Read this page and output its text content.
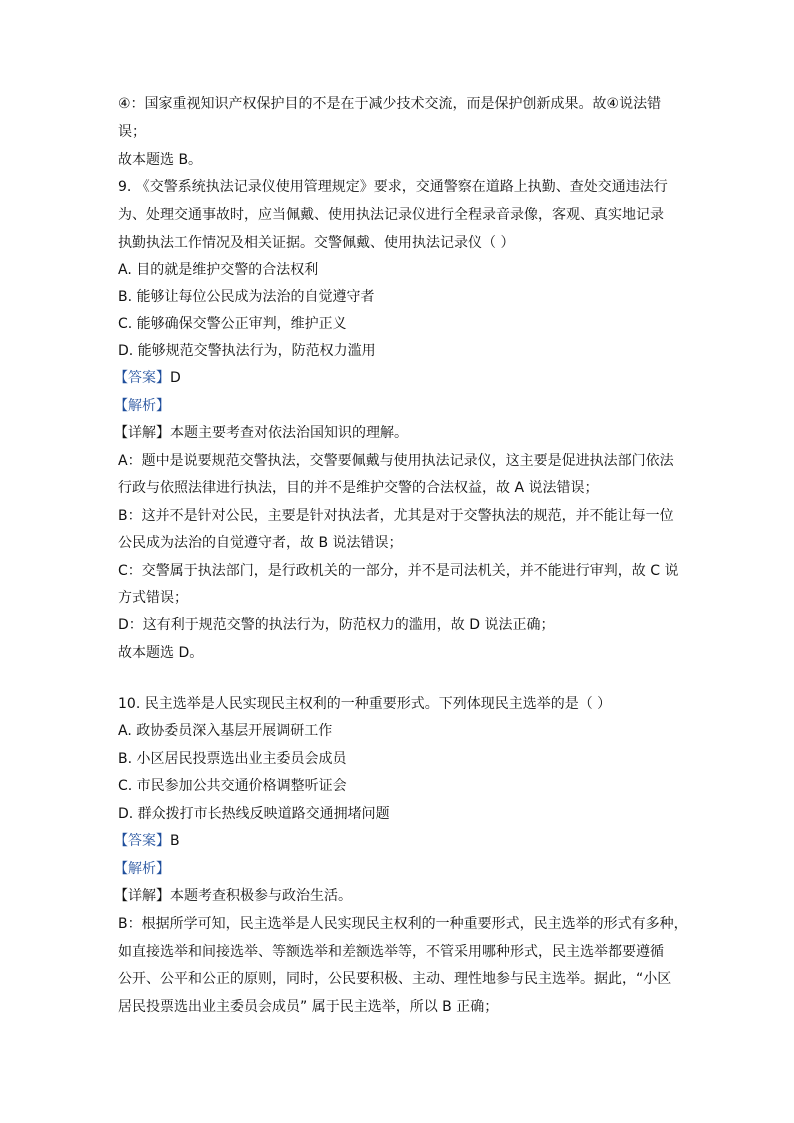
④：国家重视知识产权保护目的不是在于减少技术交流，而是保护创新成果。故④说法错
误；
故本题选 B。
9. 《交警系统执法记录仪使用管理规定》要求，交通警察在道路上执勤、查处交通违法行
为、处理交通事故时，应当佩戴、使用执法记录仪进行全程录音录像，客观、真实地记录
执勤执法工作情况及相关证据。交警佩戴、使用执法记录仪（ ）
A. 目的就是维护交警的合法权利
B. 能够让每位公民成为法治的自觉遵守者
C. 能够确保交警公正审判，维护正义
D. 能够规范交警执法行为，防范权力滥用
【答案】D
【解析】
【详解】本题主要考查对依法治国知识的理解。
A：题中是说要规范交警执法，交警要佩戴与使用执法记录仪，这主要是促进执法部门依法
行政与依照法律进行执法，目的并不是维护交警的合法权益，故 A 说法错误；
B：这并不是针对公民，主要是针对执法者，尤其是对于交警执法的规范，并不能让每一位
公民成为法治的自觉遵守者，故 B 说法错误；
C：交警属于执法部门，是行政机关的一部分，并不是司法机关，并不能进行审判，故 C 说
方式错误；
D：这有利于规范交警的执法行为，防范权力的滥用，故 D 说法正确；
故本题选 D。
10. 民主选举是人民实现民主权利的一种重要形式。下列体现民主选举的是（ ）
A. 政协委员深入基层开展调研工作
B. 小区居民投票选出业主委员会成员
C. 市民参加公共交通价格调整听证会
D. 群众拨打市长热线反映道路交通拥堵问题
【答案】B
【解析】
【详解】本题考查积极参与政治生活。
B：根据所学可知，民主选举是人民实现民主权利的一种重要形式，民主选举的形式有多种，
如直接选举和间接选举、等额选举和差额选举等，不管采用哪种形式，民主选举都要遵循
公开、公平和公正的原则，同时，公民要积极、主动、理性地参与民主选举。据此，“小区
居民投票选出业主委员会成员” 属于民主选举，所以 B 正确；
